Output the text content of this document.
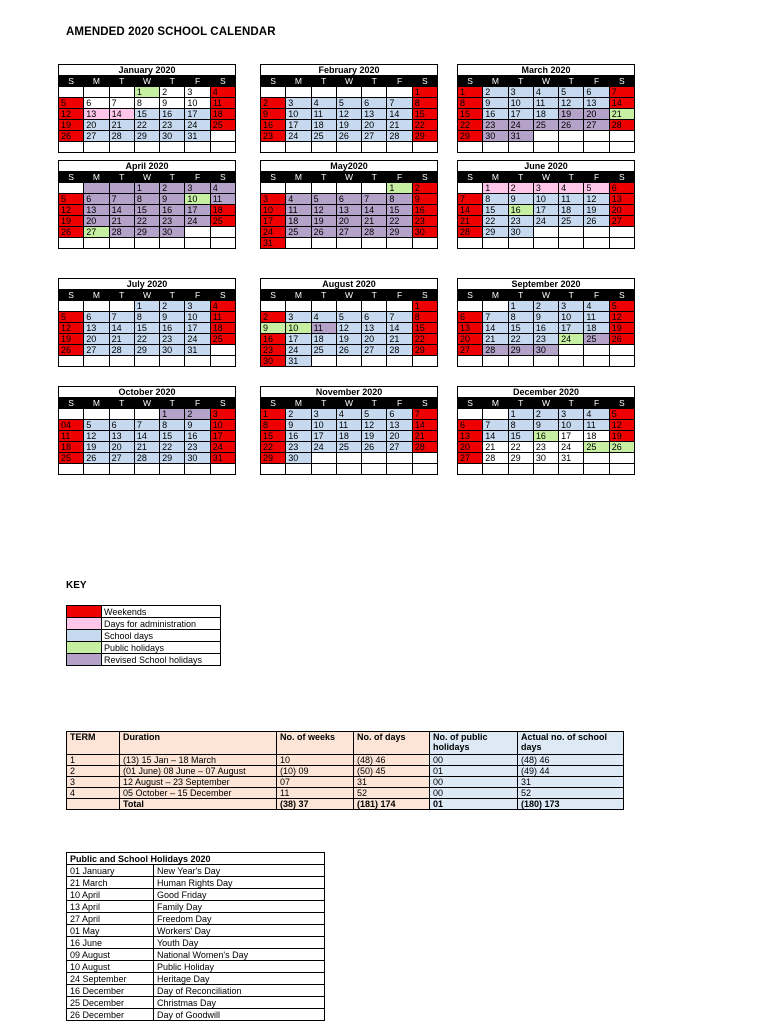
AMENDED 2020 SCHOOL CALENDAR
January 2020
S	M	T	W	T	F	S
			1	2	3	4
5	6	7	8	9	10	11
12	13	14	15	16	17	18
19	20	21	22	23	24	25
26	27	28	29	30	31	

February 2020
S	M	T	W	T	F	S
						1
2	3	4	5	6	7	8
9	10	11	12	13	14	15
16	17	18	19	20	21	22
23	24	25	26	27	28	29

March 2020
S	M	T	W	T	F	S
1	2	3	4	5	6	7
8	9	10	11	12	13	14
15	16	17	18	19	20	21
22	23	24	25	26	27	28
29	30	31				

April 2020
S	M	T	W	T	F	S
			1	2	3	4
5	6	7	8	9	10	11
12	13	14	15	16	17	18
19	20	21	22	23	24	25
26	27	28	29	30		

May2020
S	M	T	W	T	F	S
					1	2
3	4	5	6	7	8	9
10	11	12	13	14	15	16
17	18	19	20	21	22	23
24	25	26	27	28	29	30
31						
June 2020
S	M	T	W	T	F	S
	1	2	3	4	5	6
7	8	9	10	11	12	13
14	15	16	17	18	19	20
21	22	23	24	25	26	27
28	29	30				

July 2020
S	M	T	W	T	F	S
			1	2	3	4
5	6	7	8	9	10	11
12	13	14	15	16	17	18
19	20	21	22	23	24	25
26	27	28	29	30	31	

August 2020
S	M	T	W	T	F	S
						1
2	3	4	5	6	7	8
9	10	11	12	13	14	15
16	17	18	19	20	21	22
23	24	25	26	27	28	29
30	31					
September 2020
S	M	T	W	T	F	S
		1	2	3	4	5
6	7	8	9	10	11	12
13	14	15	16	17	18	19
20	21	22	23	24	25	26
27	28	29	30			

October 2020
S	M	T	W	T	F	S
				1	2	3
04	5	6	7	8	9	10
11	12	13	14	15	16	17
18	19	20	21	22	23	24
25	26	27	28	29	30	31

November 2020
S	M	T	W	T	F	S
1	2	3	4	5	6	7
8	9	10	11	12	13	14
15	16	17	18	19	20	21
22	23	24	25	26	27	28
29	30					

December 2020
S	M	T	W	T	F	S
		1	2	3	4	5
6	7	8	9	10	11	12
13	14	15	16	17	18	19
20	21	22	23	24	25	26
27	28	29	30	31		

KEY
	Weekends
	Days for administration
	School days
	Public holidays
	Revised School holidays
TERM	Duration	No. of weeks	No. of days	No. of public holidays	Actual no. of school days
1	(13) 15 Jan – 18 March	10	(48) 46	00	(48) 46
2	(01 June) 08 June – 07 August	(10) 09	(50) 45	01	(49) 44
3	12 August – 23 September	07	31	00	31
4	05 October – 15 December	11	52	00	52
	Total	(38) 37	(181) 174	01	(180) 173
Public and School Holidays 2020	
01 January	New Year's Day
21 March	Human Rights Day
10 April	Good Friday
13 April	Family Day
27 April	Freedom Day
01 May	Workers' Day
16 June	Youth Day
09 August	National Women's Day
10 August	Public Holiday
24 September	Heritage Day
16 December	Day of Reconciliation
25 December	Christmas Day
26 December	Day of Goodwill
